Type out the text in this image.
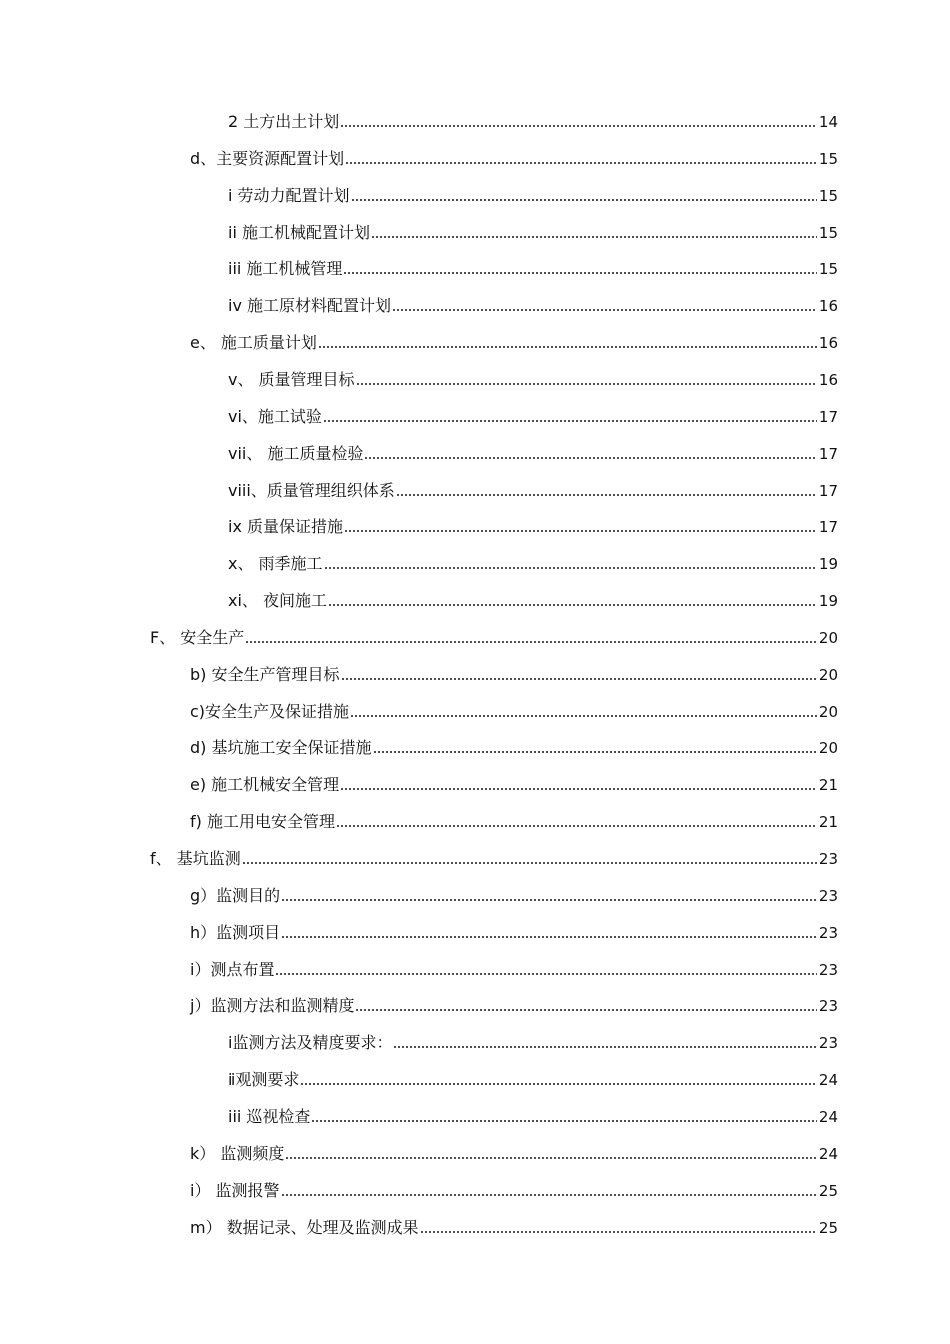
2 土方出土计划	14
d、主要资源配置计划	15
i 劳动力配置计划	15
ii 施工机械配置计划	15
iii 施工机械管理	15
iv 施工原材料配置计划	16
e、 施工质量计划	16
v、 质量管理目标	16
vi、施工试验	17
vii、 施工质量检验	17
viii、质量管理组织体系	17
ix 质量保证措施	17
x、 雨季施工	19
xi、 夜间施工	19
F、 安全生产	20
b) 安全生产管理目标	20
c)安全生产及保证措施	20
d) 基坑施工安全保证措施	20
e) 施工机械安全管理	21
f) 施工用电安全管理	21
f、 基坑监测	23
g）监测目的	23
h）监测项目	23
i）测点布置	23
j）监测方法和监测精度	23
ⅰ监测方法及精度要求：	23
ⅱ观测要求	24
iii 巡视检查	24
k） 监测频度	24
i） 监测报警	25
m） 数据记录、处理及监测成果	25
